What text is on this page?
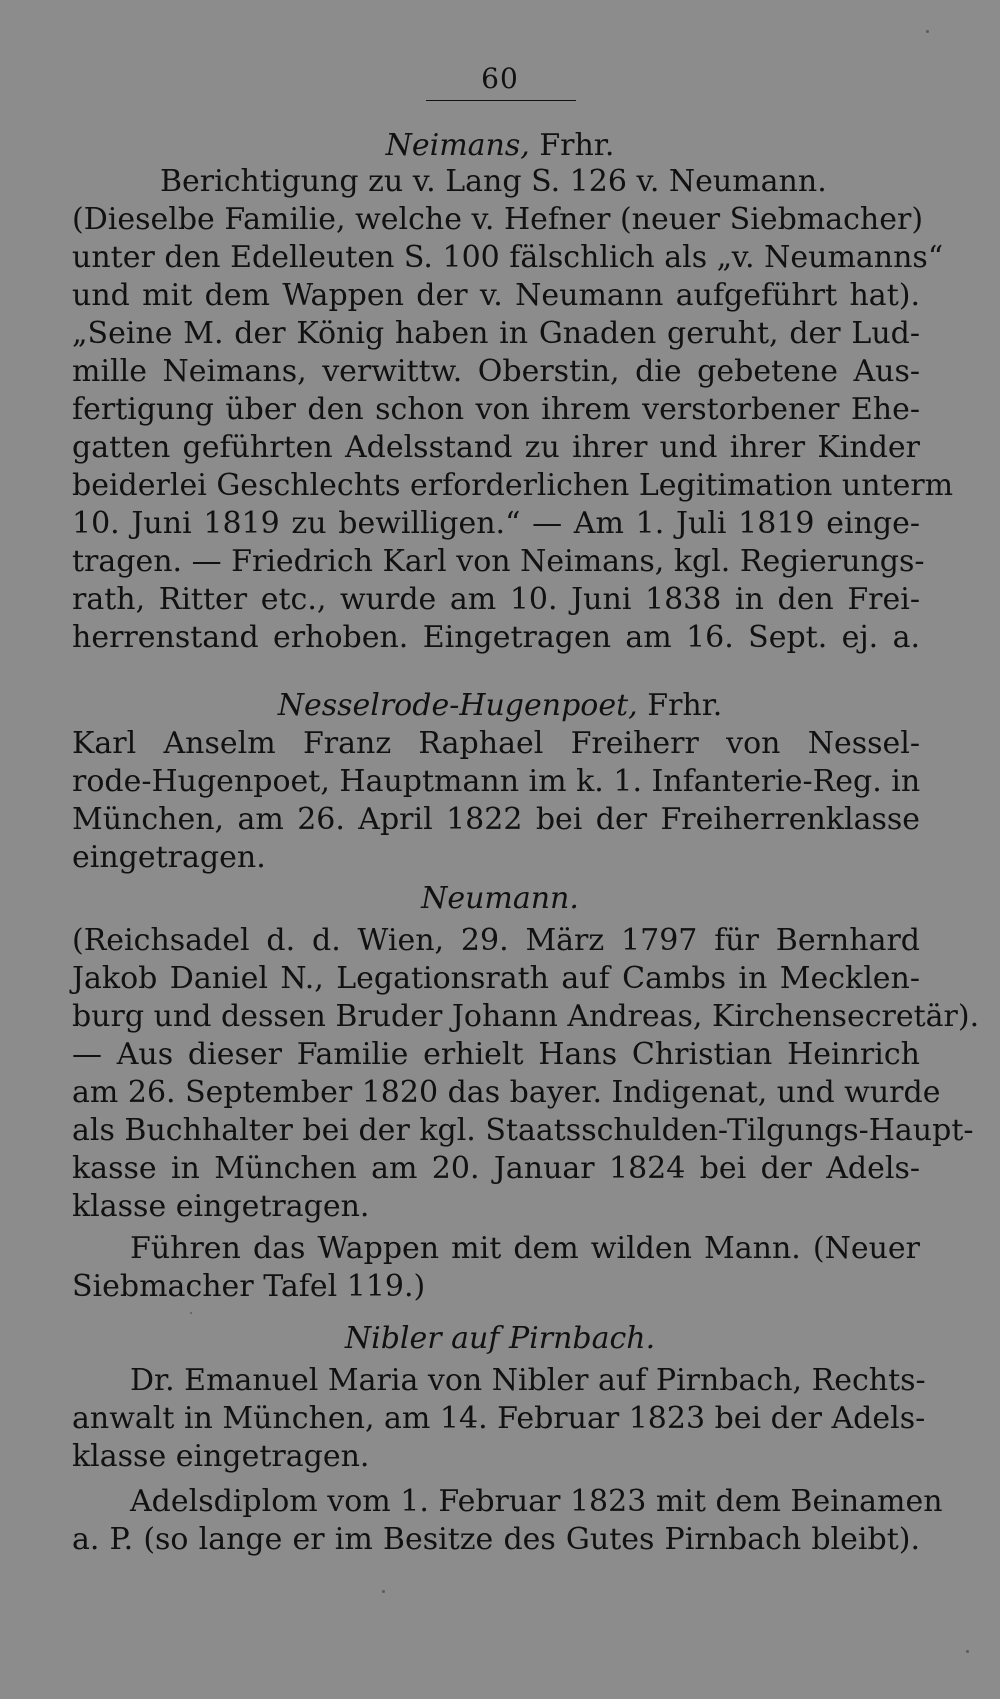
60
Neimans, Frhr.
Berichtigung zu v. Lang S. 126 v. Neumann.
(Dieselbe Familie, welche v. Hefner (neuer Siebmacher)
unter den Edelleuten S. 100 fälschlich als „v. Neumanns“
und mit dem Wappen der v. Neumann aufgeführt hat).
„Seine M. der König haben in Gnaden geruht, der Lud-
mille Neimans, verwittw. Oberstin, die gebetene Aus-
fertigung über den schon von ihrem verstorbener Ehe-
gatten geführten Adelsstand zu ihrer und ihrer Kinder
beiderlei Geschlechts erforderlichen Legitimation unterm
10. Juni 1819 zu bewilligen.“ — Am 1. Juli 1819 einge-
tragen. — Friedrich Karl von Neimans, kgl. Regierungs-
rath, Ritter etc., wurde am 10. Juni 1838 in den Frei-
herrenstand erhoben. Eingetragen am 16. Sept. ej. a.
Nesselrode-Hugenpoet, Frhr.
Karl Anselm Franz Raphael Freiherr von Nessel-
rode-Hugenpoet, Hauptmann im k. 1. Infanterie-Reg. in
München, am 26. April 1822 bei der Freiherrenklasse
eingetragen.
Neumann.
(Reichsadel d. d. Wien, 29. März 1797 für Bernhard
Jakob Daniel N., Legationsrath auf Cambs in Mecklen-
burg und dessen Bruder Johann Andreas, Kirchensecretär).
— Aus dieser Familie erhielt Hans Christian Heinrich
am 26. September 1820 das bayer. Indigenat, und wurde
als Buchhalter bei der kgl. Staatsschulden-Tilgungs-Haupt-
kasse in München am 20. Januar 1824 bei der Adels-
klasse eingetragen.
Führen das Wappen mit dem wilden Mann. (Neuer
Siebmacher Tafel 119.)
Nibler auf Pirnbach.
Dr. Emanuel Maria von Nibler auf Pirnbach, Rechts-
anwalt in München, am 14. Februar 1823 bei der Adels-
klasse eingetragen.
Adelsdiplom vom 1. Februar 1823 mit dem Beinamen
a. P. (so lange er im Besitze des Gutes Pirnbach bleibt).
